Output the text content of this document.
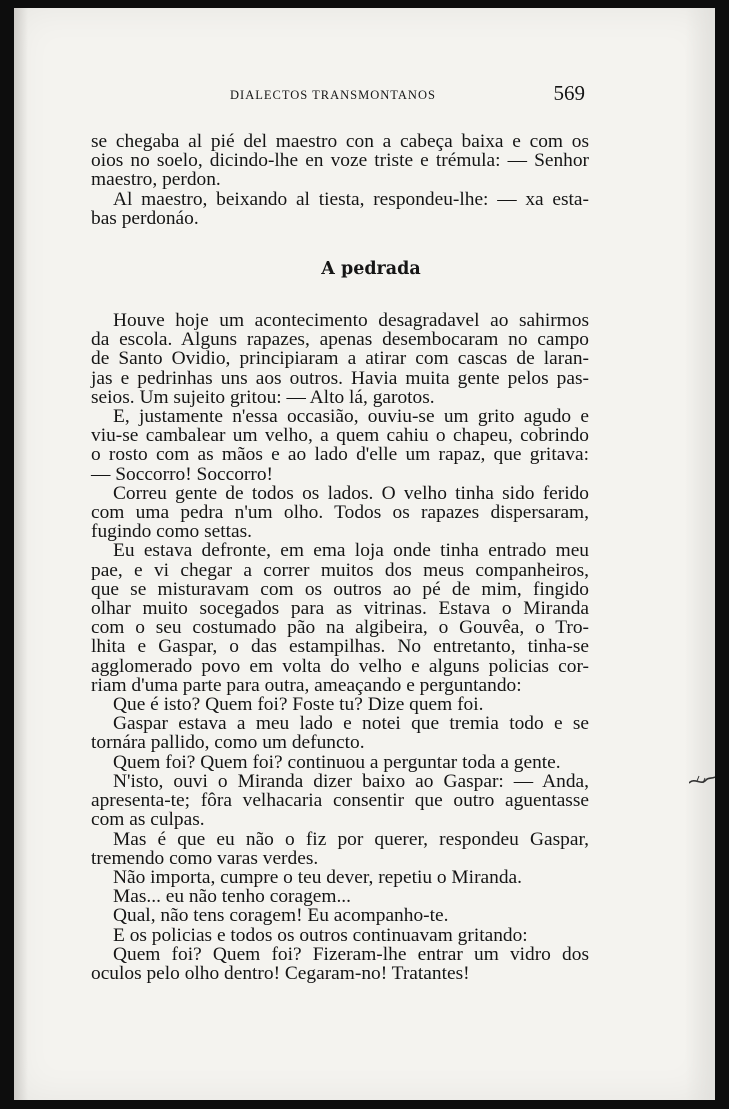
DIALECTOS TRANSMONTANOS	569

se chegaba al pié del maestro con a cabeça baixa e com os
oios no soelo, dicindo-lhe en voze triste e trémula: — Senhor
maestro, perdon.

Al maestro, beixando al tiesta, respondeu-lhe: — xa esta-
bas perdonáo.

A pedrada

Houve hoje um acontecimento desagradavel ao sahirmos
da escola. Alguns rapazes, apenas desembocaram no campo
de Santo Ovidio, principiaram a atirar com cascas de laran-
jas e pedrinhas uns aos outros. Havia muita gente pelos pas-
seios. Um sujeito gritou: — Alto lá, garotos.

E, justamente n'essa occasião, ouviu-se um grito agudo e
viu-se cambalear um velho, a quem cahiu o chapeu, cobrindo
o rosto com as mãos e ao lado d'elle um rapaz, que gritava:
— Soccorro! Soccorro!

Correu gente de todos os lados. O velho tinha sido ferido
com uma pedra n'um olho. Todos os rapazes dispersaram,
fugindo como settas.

Eu estava defronte, em ema loja onde tinha entrado meu
pae, e vi chegar a correr muitos dos meus companheiros,
que se misturavam com os outros ao pé de mim, fingido
olhar muito socegados para as vitrinas. Estava o Miranda
com o seu costumado pão na algibeira, o Gouvêa, o Tro-
lhita e Gaspar, o das estampilhas. No entretanto, tinha-se
agglomerado povo em volta do velho e alguns policias cor-
riam d'uma parte para outra, ameaçando e perguntando:

Que é isto? Quem foi? Foste tu? Dize quem foi.

Gaspar estava a meu lado e notei que tremia todo e se
tornára pallido, como um defuncto.

Quem foi? Quem foi? continuou a perguntar toda a gente.

N'isto, ouvi o Miranda dizer baixo ao Gaspar: — Anda,
apresenta-te; fôra velhacaria consentir que outro aguentasse
com as culpas.

Mas é que eu não o fiz por querer, respondeu Gaspar,
tremendo como varas verdes.

Não importa, cumpre o teu dever, repetiu o Miranda.

Mas... eu não tenho coragem...

Qual, não tens coragem! Eu acompanho-te.

E os policias e todos os outros continuavam gritando:

Quem foi? Quem foi? Fizeram-lhe entrar um vidro dos
oculos pelo olho dentro! Cegaram-no! Tratantes!
